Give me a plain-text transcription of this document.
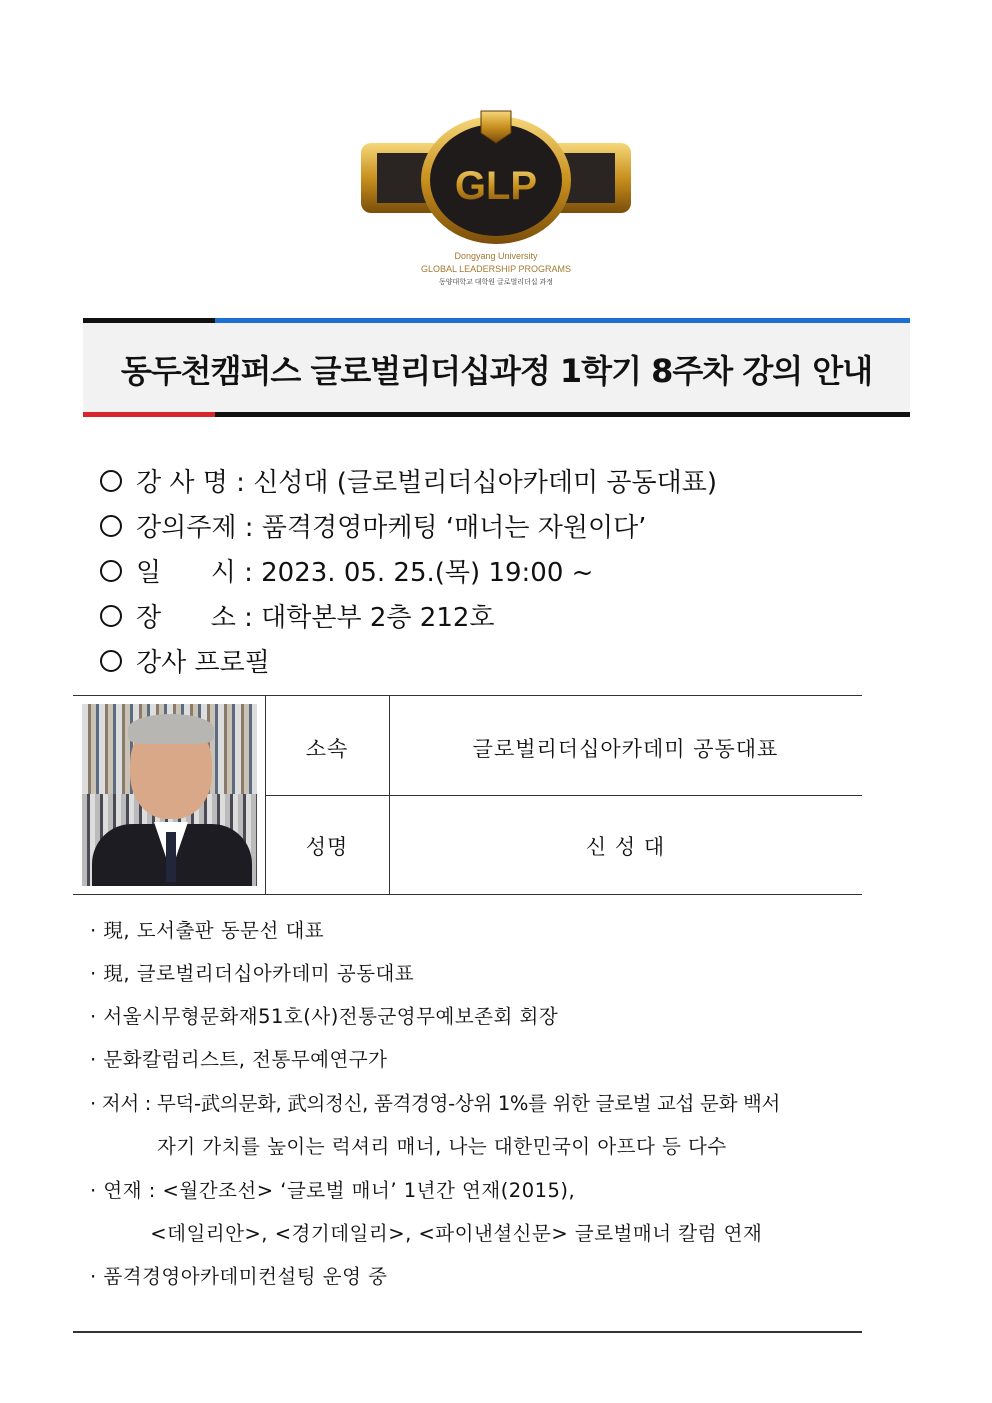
GLP
Dongyang University
GLOBAL LEADERSHIP PROGRAMS
동양대학교 대학원 글로벌리더십 과정
동두천캠퍼스 글로벌리더십과정 1학기 8주차 강의 안내
강 사 명 : 신성대 (글로벌리더십아카데미 공동대표)
강의주제 : 품격경영마케팅 ‘매너는 자원이다’
일      시 : 2023. 05. 25.(목) 19:00 ~
장      소 : 대학본부 2층 212호
강사 프로필
소속	글로벌리더십아카데미 공동대표
성명	신 성 대
· 現, 도서출판 동문선 대표
· 現, 글로벌리더십아카데미 공동대표
· 서울시무형문화재51호(사)전통군영무예보존회 회장
· 문화칼럼리스트, 전통무예연구가
· 저서 : 무덕-武의문화, 武의정신, 품격경영-상위 1%를 위한 글로벌 교섭 문화 백서
자기 가치를 높이는 럭셔리 매너, 나는 대한민국이 아프다 등 다수
· 연재 : <월간조선> ‘글로벌 매너’ 1년간 연재(2015),
<데일리안>, <경기데일리>, <파이낸셜신문> 글로벌매너 칼럼 연재
· 품격경영아카데미컨설팅 운영 중
